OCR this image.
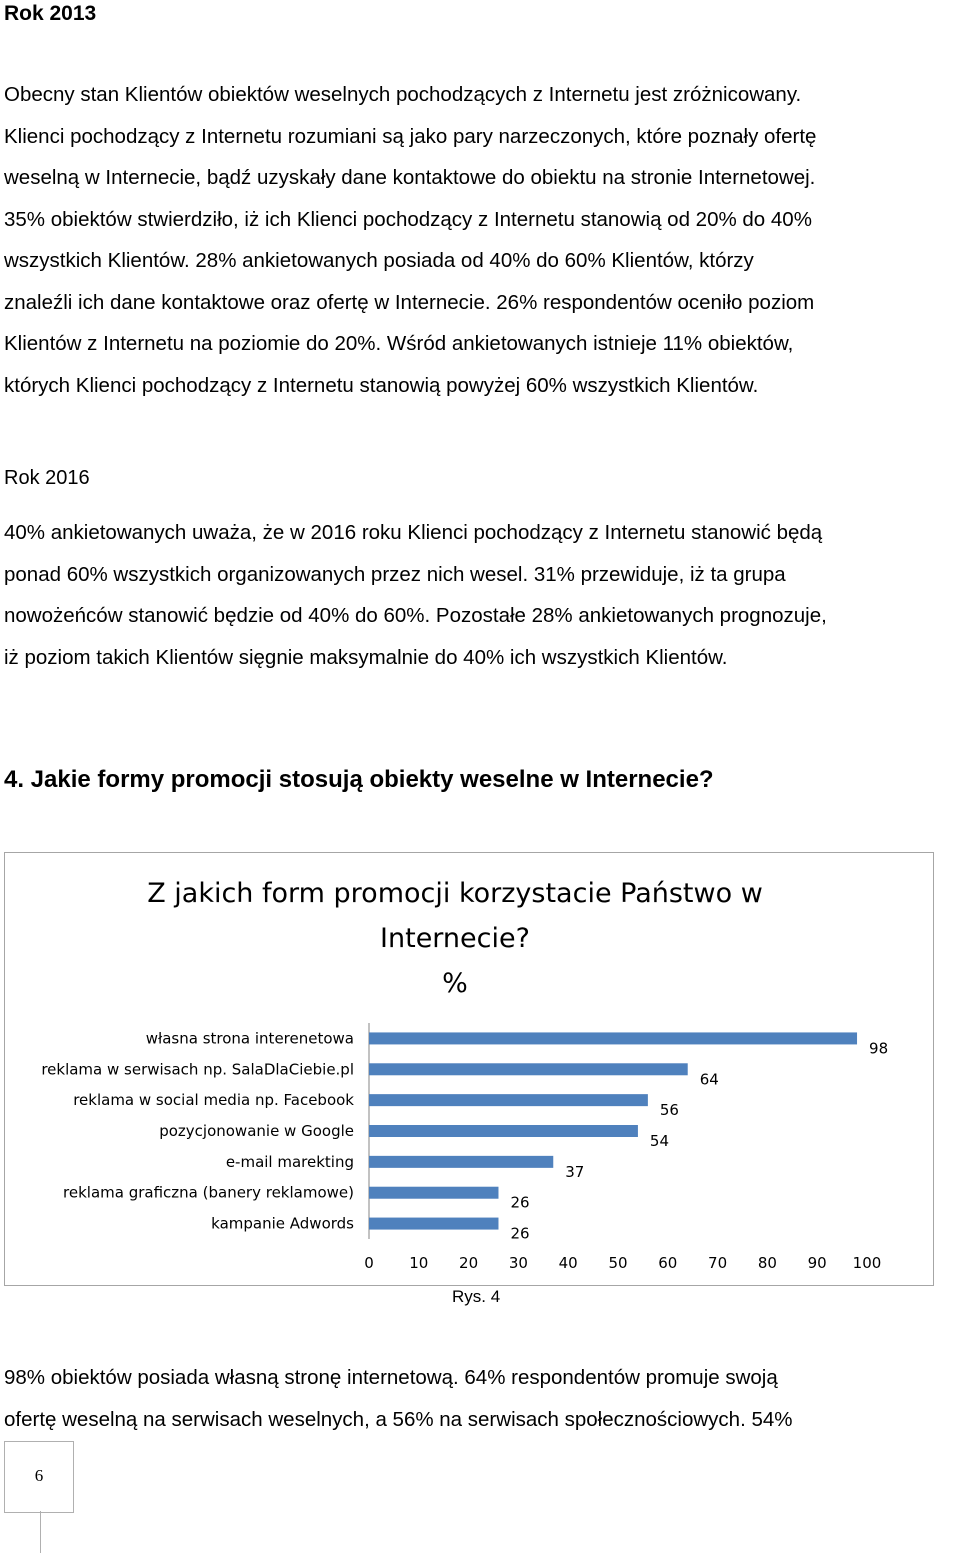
Rok 2013
Obecny stan Klientów obiektów weselnych pochodzących z Internetu jest zróżnicowany.
Klienci pochodzący z Internetu rozumiani są jako pary narzeczonych, które poznały ofertę
weselną w Internecie, bądź uzyskały dane kontaktowe do obiektu na stronie Internetowej.
35% obiektów stwierdziło, iż ich Klienci pochodzący z Internetu stanowią od 20% do 40%
wszystkich Klientów. 28% ankietowanych posiada od 40% do 60% Klientów, którzy
znaleźli ich dane kontaktowe oraz ofertę w Internecie. 26% respondentów oceniło poziom
Klientów z Internetu na poziomie do 20%. Wśród ankietowanych istnieje 11% obiektów,
których Klienci pochodzący z Internetu stanowią powyżej 60% wszystkich Klientów.
Rok 2016
40% ankietowanych uważa, że w 2016 roku Klienci pochodzący z Internetu stanowić będą
ponad 60% wszystkich organizowanych przez nich wesel. 31% przewiduje, iż ta grupa
nowożeńców stanowić będzie od 40% do 60%. Pozostałe 28% ankietowanych prognozuje,
iż poziom takich Klientów sięgnie maksymalnie do 40% ich wszystkich Klientów.
4. Jakie formy promocji stosują obiekty weselne w Internecie?
Z jakich form promocji korzystacie Państwo w
Internecie?
%
własna strona interenetowa
98
reklama w serwisach np. SalaDlaCiebie.pl
64
reklama w social media np. Facebook
56
pozycjonowanie w Google
54
e-mail marekting
37
reklama graficzna (banery reklamowe)
26
kampanie Adwords
26
0 10 20 30 40 50 60 70 80 90 100
Rys. 4
98% obiektów posiada własną stronę internetową. 64% respondentów promuje swoją
ofertę weselną na serwisach weselnych, a 56% na serwisach społecznościowych. 54%
6
